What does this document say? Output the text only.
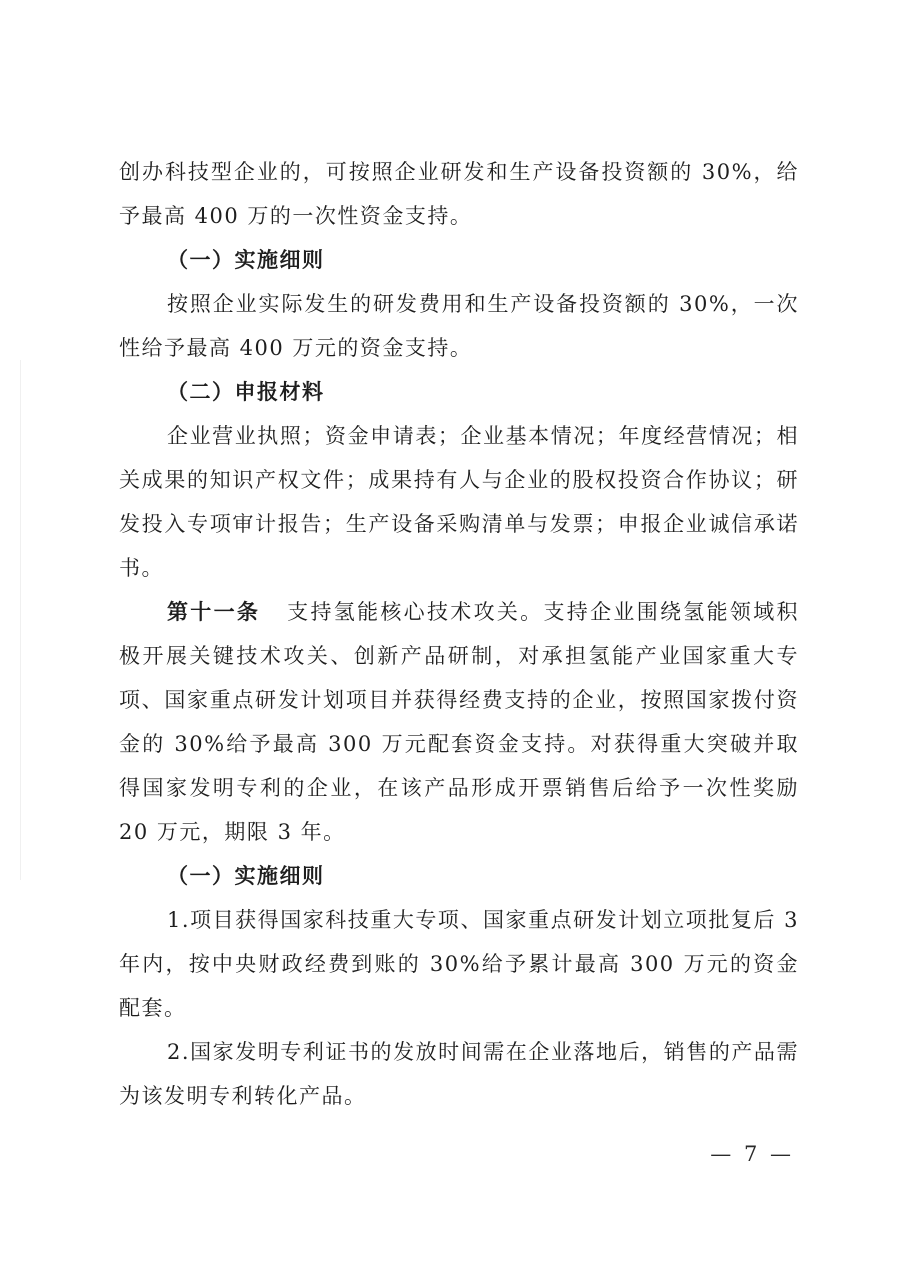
创办科技型企业的，可按照企业研发和生产设备投资额的 30%，给予最高 400 万的一次性资金支持。

（一）实施细则

按照企业实际发生的研发费用和生产设备投资额的 30%，一次性给予最高 400 万元的资金支持。

（二）申报材料

企业营业执照；资金申请表；企业基本情况；年度经营情况；相关成果的知识产权文件；成果持有人与企业的股权投资合作协议；研发投入专项审计报告；生产设备采购清单与发票；申报企业诚信承诺书。

第十一条 支持氢能核心技术攻关。支持企业围绕氢能领域积极开展关键技术攻关、创新产品研制，对承担氢能产业国家重大专项、国家重点研发计划项目并获得经费支持的企业，按照国家拨付资金的 30%给予最高 300 万元配套资金支持。对获得重大突破并取得国家发明专利的企业，在该产品形成开票销售后给予一次性奖励 20 万元，期限 3 年。

（一）实施细则

1.项目获得国家科技重大专项、国家重点研发计划立项批复后 3 年内，按中央财政经费到账的 30%给予累计最高 300 万元的资金配套。

2.国家发明专利证书的发放时间需在企业落地后，销售的产品需为该发明专利转化产品。

— 7 —
